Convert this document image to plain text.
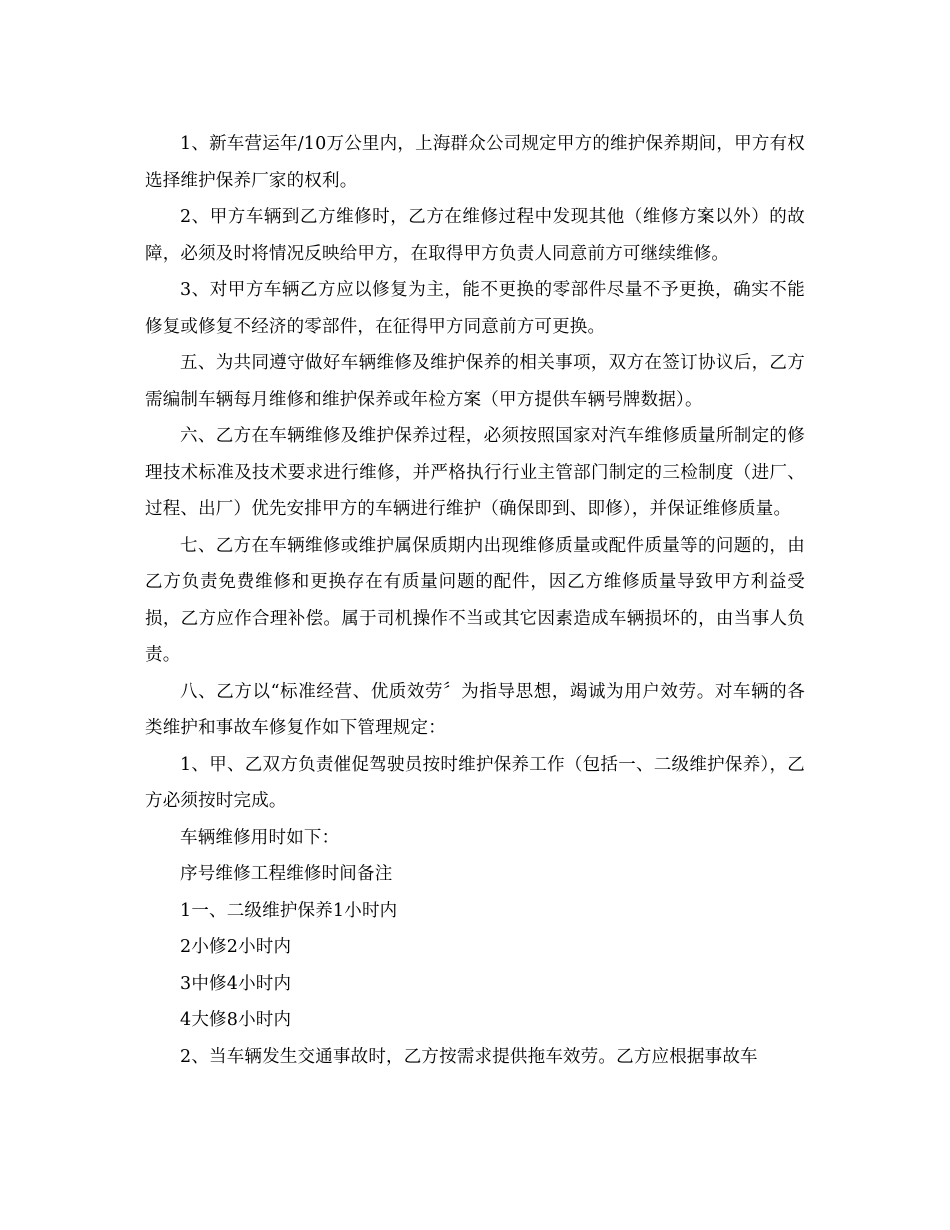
1、新车营运年/10万公里内，上海群众公司规定甲方的维护保养期间，甲方有权选择维护保养厂家的权利。

2、甲方车辆到乙方维修时，乙方在维修过程中发现其他（维修方案以外）的故障，必须及时将情况反映给甲方，在取得甲方负责人同意前方可继续维修。

3、对甲方车辆乙方应以修复为主，能不更换的零部件尽量不予更换，确实不能修复或修复不经济的零部件，在征得甲方同意前方可更换。

五、为共同遵守做好车辆维修及维护保养的相关事项，双方在签订协议后，乙方需编制车辆每月维修和维护保养或年检方案（甲方提供车辆号牌数据）。

六、乙方在车辆维修及维护保养过程，必须按照国家对汽车维修质量所制定的修理技术标准及技术要求进行维修，并严格执行行业主管部门制定的三检制度（进厂、过程、出厂）优先安排甲方的车辆进行维护（确保即到、即修），并保证维修质量。

七、乙方在车辆维修或维护属保质期内出现维修质量或配件质量等的问题的，由乙方负责免费维修和更换存在有质量问题的配件，因乙方维修质量导致甲方利益受损，乙方应作合理补偿。属于司机操作不当或其它因素造成车辆损坏的，由当事人负责。

八、乙方以“标准经营、优质效劳〞为指导思想，竭诚为用户效劳。对车辆的各类维护和事故车修复作如下管理规定：

1、甲、乙双方负责催促驾驶员按时维护保养工作（包括一、二级维护保养），乙方必须按时完成。

车辆维修用时如下：

序号维修工程维修时间备注

1一、二级维护保养1小时内

2小修2小时内

3中修4小时内

4大修8小时内

2、当车辆发生交通事故时，乙方按需求提供拖车效劳。乙方应根据事故车
